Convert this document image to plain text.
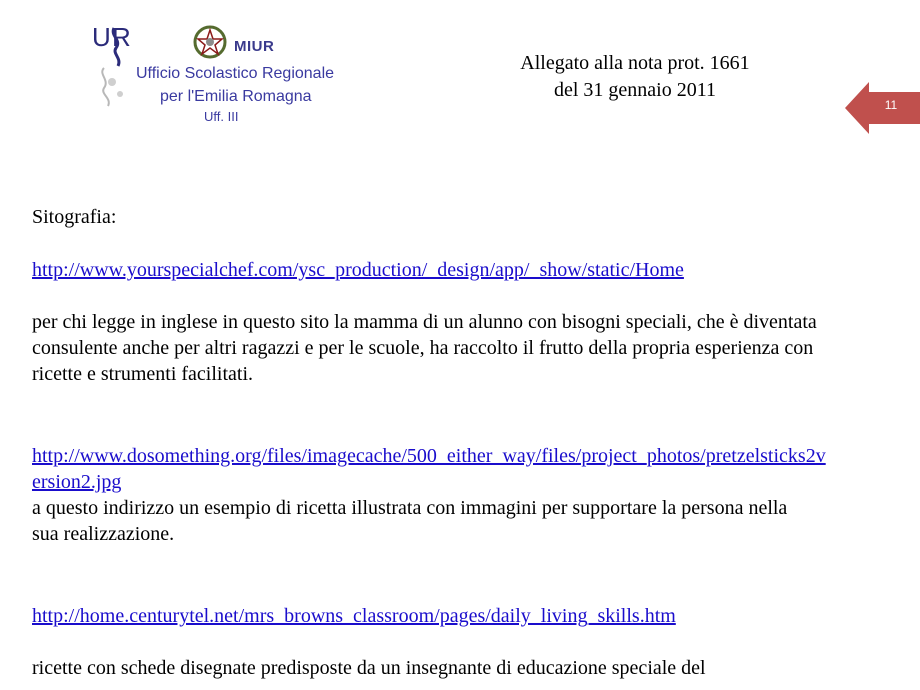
U R	MIUR
Ufficio Scolastico Regionale
per l'Emilia Romagna
Uff. III
Allegato alla nota prot. 1661
del 31 gennaio 2011
11

Sitografia:

http://www.yourspecialchef.com/ysc_production/_design/app/_show/static/Home

per chi legge in inglese in questo sito la mamma di un alunno con bisogni speciali, che è diventata consulente anche per altri ragazzi e per le scuole, ha raccolto il frutto della propria esperienza con ricette e strumenti facilitati.

http://www.dosomething.org/files/imagecache/500_either_way/files/project_photos/pretzelsticks2version2.jpg

a questo indirizzo un esempio di ricetta illustrata con immagini per supportare la persona nella sua realizzazione.

http://home.centurytel.net/mrs_browns_classroom/pages/daily_living_skills.htm

ricette con schede disegnate predisposte da un insegnante di educazione speciale del
